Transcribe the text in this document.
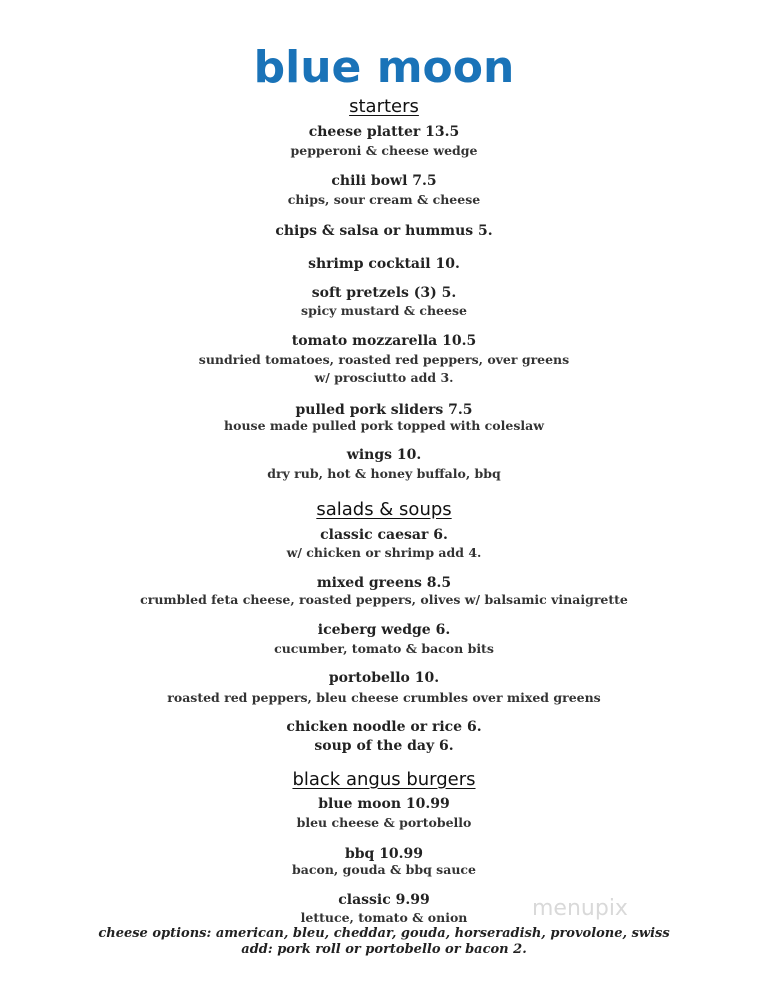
blue moon
starters
cheese platter 13.5
pepperoni & cheese wedge
chili bowl 7.5
chips, sour cream & cheese
chips & salsa or hummus 5.
shrimp cocktail 10.
soft pretzels (3) 5.
spicy mustard & cheese
tomato mozzarella 10.5
sundried tomatoes, roasted red peppers, over greens
w/ prosciutto add 3.
pulled pork sliders 7.5
house made pulled pork topped with coleslaw
wings 10.
dry rub, hot & honey buffalo, bbq
salads & soups
classic caesar 6.
w/ chicken or shrimp add 4.
mixed greens 8.5
crumbled feta cheese, roasted peppers, olives w/ balsamic vinaigrette
iceberg wedge 6.
cucumber, tomato & bacon bits
portobello 10.
roasted red peppers, bleu cheese crumbles over mixed greens
chicken noodle or rice 6.
soup of the day 6.
black angus burgers
blue moon 10.99
bleu cheese & portobello
bbq 10.99
bacon, gouda & bbq sauce
classic 9.99
lettuce, tomato & onion
cheese options: american, bleu, cheddar, gouda, horseradish, provolone, swiss
add: pork roll or portobello or bacon 2.
menupix
